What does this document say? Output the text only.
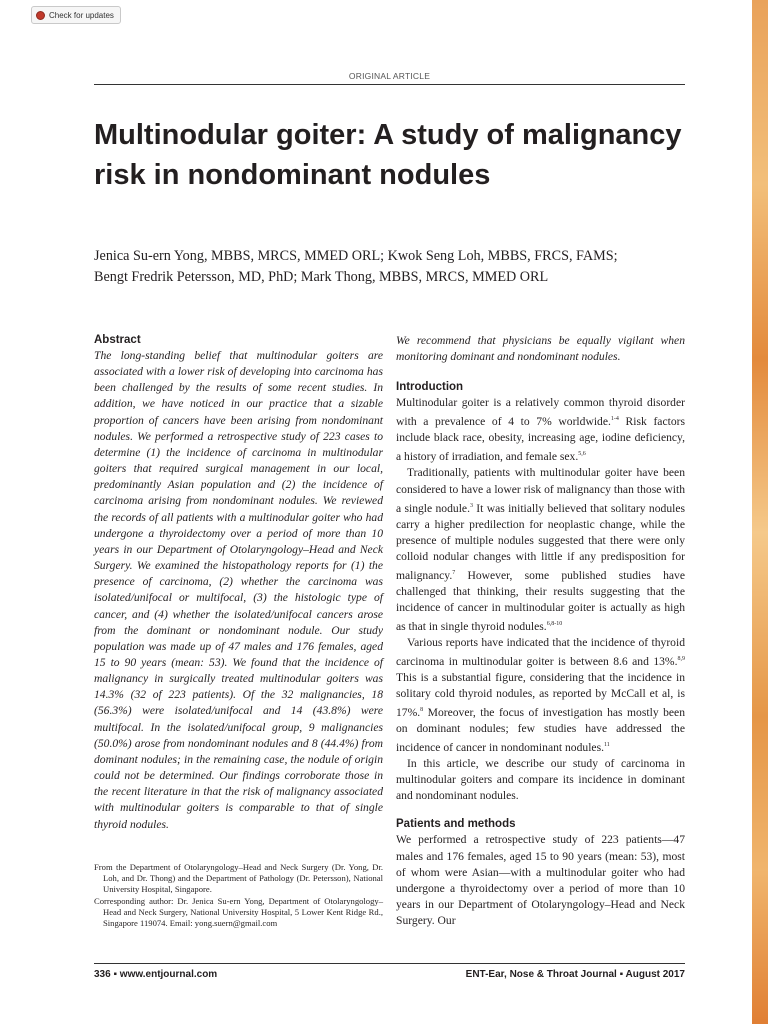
Check for updates
ORIGINAL ARTICLE
Multinodular goiter: A study of malignancy risk in nondominant nodules

Jenica Su-ern Yong, MBBS, MRCS, MMED ORL; Kwok Seng Loh, MBBS, FRCS, FAMS;
Bengt Fredrik Petersson, MD, PhD; Mark Thong, MBBS, MRCS, MMED ORL

Abstract

The long-standing belief that multinodular goiters are associated with a lower risk of developing into carcinoma has been challenged by the results of some recent studies. In addition, we have noticed in our practice that a sizable proportion of cancers have been arising from nondominant nodules. We performed a retrospective study of 223 cases to determine (1) the incidence of carcinoma in multinodular goiters that required surgical management in our local, predominantly Asian population and (2) the incidence of carcinoma arising from nondominant nodules. We reviewed the records of all patients with a multinodular goiter who had undergone a thyroidectomy over a period of more than 10 years in our Department of Otolaryngology–Head and Neck Surgery. We examined the histopathology reports for (1) the presence of carcinoma, (2) whether the carcinoma was isolated/unifocal or multifocal, (3) the histologic type of cancer, and (4) whether the isolated/unifocal cancers arose from the dominant or nondominant nodule. Our study population was made up of 47 males and 176 females, aged 15 to 90 years (mean: 53). We found that the incidence of malignancy in surgically treated multinodular goiters was 14.3% (32 of 223 patients). Of the 32 malignancies, 18 (56.3%) were isolated/unifocal and 14 (43.8%) were multifocal. In the isolated/unifocal group, 9 malignancies (50.0%) arose from nondominant nodules and 8 (44.4%) from dominant nodules; in the remaining case, the nodule of origin could not be determined. Our findings corroborate those in the recent literature in that the risk of malignancy associated with multinodular goiters is comparable to that of single thyroid nodules.

We recommend that physicians be equally vigilant when monitoring dominant and nondominant nodules.

Introduction

Multinodular goiter is a relatively common thyroid disorder with a prevalence of 4 to 7% worldwide.$^{1-4}$ Risk factors include black race, obesity, increasing age, iodine deficiency, a history of irradiation, and female sex.$^{5,6}$

Traditionally, patients with multinodular goiter have been considered to have a lower risk of malignancy than those with a single nodule.$^3$ It was initially believed that solitary nodules carry a higher predilection for neoplastic change, while the presence of multiple nodules suggested that there were only colloid nodular changes with little if any predisposition for malignancy.$^7$ However, some published studies have challenged that thinking, their results suggesting that the incidence of cancer in multinodular goiter is actually as high as that in single thyroid nodules.$^{6,8-10}$

Various reports have indicated that the incidence of thyroid carcinoma in multinodular goiter is between 8.6 and 13%.$^{8,9}$ This is a substantial figure, considering that the incidence in solitary cold thyroid nodules, as reported by McCall et al, is 17%.$^8$ Moreover, the focus of investigation has mostly been on dominant nodules; few studies have addressed the incidence of cancer in nondominant nodules.$^{11}$

In this article, we describe our study of carcinoma in multinodular goiters and compare its incidence in dominant and nondominant nodules.

Patients and methods

We performed a retrospective study of 223 patients—47 males and 176 females, aged 15 to 90 years (mean: 53), most of whom were Asian—with a multinodular goiter who had undergone a thyroidectomy over a period of more than 10 years in our Department of Otolaryngology–Head and Neck Surgery. Our

From the Department of Otolaryngology–Head and Neck Surgery (Dr. Yong, Dr. Loh, and Dr. Thong) and the Department of Pathology (Dr. Petersson), National University Hospital, Singapore.

Corresponding author: Dr. Jenica Su-ern Yong, Department of Otolaryngology–Head and Neck Surgery, National University Hospital, 5 Lower Kent Ridge Rd., Singapore 119074. Email: yong.suern@gmail.com

336 ▪ www.entjournal.com	ENT-Ear, Nose & Throat Journal ▪ August 2017
